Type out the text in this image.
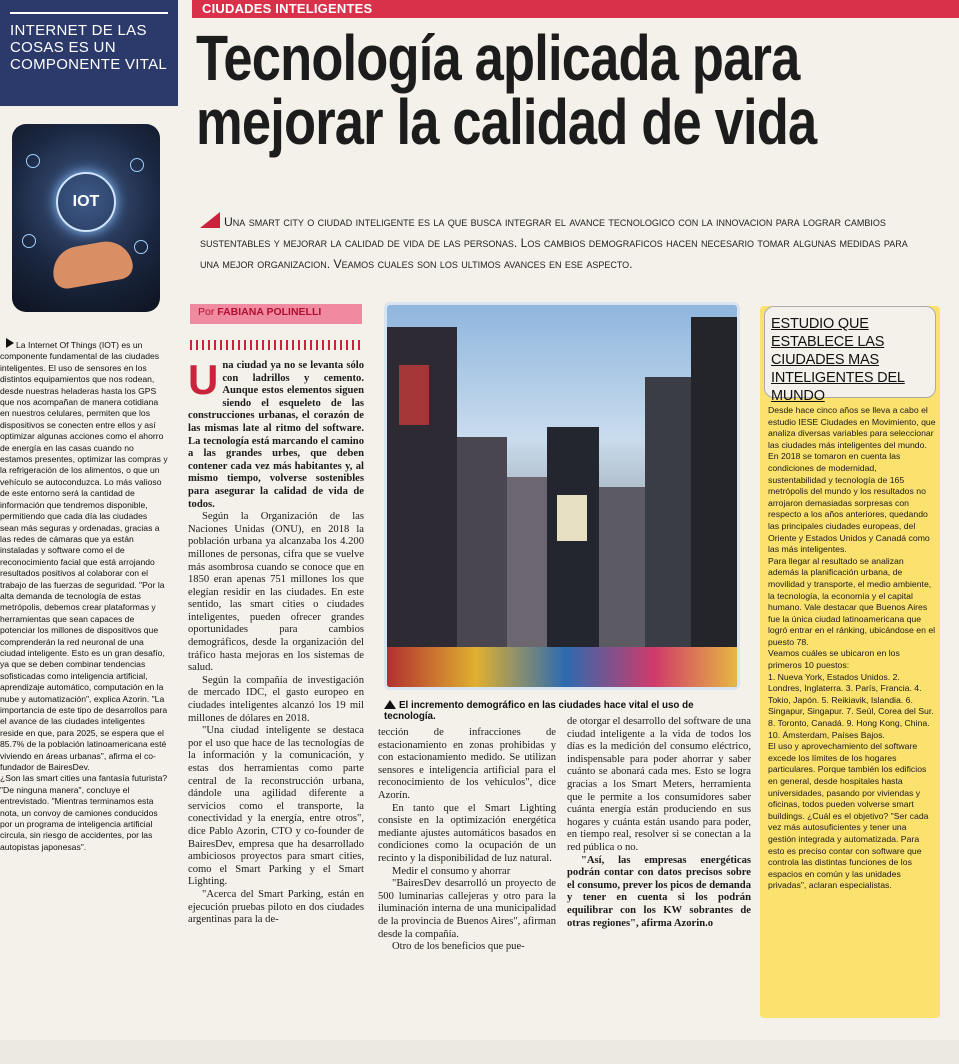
INTERNET DE LAS COSAS ES UN COMPONENTE VITAL
IOT

La Internet Of Things (IOT) es un componente fundamental de las ciudades inteligentes. El uso de sensores en los distintos equipamientos que nos rodean, desde nuestras heladeras hasta los GPS que nos acompañan de manera cotidiana en nuestros celulares, permiten que los dispositivos se conecten entre ellos y así optimizar algunas acciones como el ahorro de energía en las casas cuando no estamos presentes, optimizar las compras y la refrigeración de los alimentos, o que un vehículo se autoconduzca. Lo más valioso de este entorno será la cantidad de información que tendremos disponible, permitiendo que cada día las ciudades sean más seguras y ordenadas, gracias a las redes de cámaras que ya están instaladas y software como el de reconocimiento facial que está arrojando resultados positivos al colaborar con el trabajo de las fuerzas de seguridad. "Por la alta demanda de tecnología de estas metrópolis, debemos crear plataformas y herramientas que sean capaces de potenciar los millones de dispositivos que comprenderán la red neuronal de una ciudad inteligente. Esto es un gran desafío, ya que se deben combinar tendencias sofisticadas como inteligencia artificial, aprendizaje automático, computación en la nube y automatización", explica Azorin. "La importancia de este tipo de desarrollos para el avance de las ciudades inteligentes reside en que, para 2025, se espera que el 85.7% de la población latinoamericana esté viviendo en áreas urbanas", afirma el co-fundador de BairesDev.

¿Son las smart cities una fantasía futurista? "De ninguna manera", concluye el entrevistado. "Mientras terminamos esta nota, un convoy de camiones conducidos por un programa de inteligencia artificial circula, sin riesgo de accidentes, por las autopistas japonesas".

CIUDADES INTELIGENTES
Tecnología aplicada para
mejorar la calidad de vida
Una smart city o ciudad inteligente es la que busca integrar el avance tecnologico con la innovacion para lograr cambios sustentables y mejorar la calidad de vida de las personas. Los cambios demograficos hacen necesario tomar algunas medidas para una mejor organizacion. Veamos cuales son los ultimos avances en ese aspecto.
Por FABIANA POLINELLI

Una ciudad ya no se levanta sólo con ladrillos y cemento. Aunque estos elementos siguen siendo el esqueleto de las construcciones urbanas, el corazón de las mismas late al ritmo del software. La tecnología está marcando el camino a las grandes urbes, que deben contener cada vez más habitantes y, al mismo tiempo, volverse sostenibles para asegurar la calidad de vida de todos.

Según la Organización de las Naciones Unidas (ONU), en 2018 la población urbana ya alcanzaba los 4.200 millones de personas, cifra que se vuelve más asombrosa cuando se conoce que en 1850 eran apenas 751 millones los que elegían residir en las ciudades. En este sentido, las smart cities o ciudades inteligentes, pueden ofrecer grandes oportunidades para cambios demográficos, desde la organización del tráfico hasta mejoras en los sistemas de salud.

Según la compañía de investigación de mercado IDC, el gasto europeo en ciudades inteligentes alcanzó los 19 mil millones de dólares en 2018.

"Una ciudad inteligente se destaca por el uso que hace de las tecnologías de la información y la comunicación, y estas dos herramientas como parte central de la reconstrucción urbana, dándole una agilidad diferente a servicios como el transporte, la conectividad y la energía, entre otros", dice Pablo Azorin, CTO y co-founder de BairesDev, empresa que ha desarrollado ambiciosos proyectos para smart cities, como el Smart Parking y el Smart Lighting.

"Acerca del Smart Parking, están en ejecución pruebas piloto en dos ciudades argentinas para la de-

El incremento demográfico en las ciudades hace vital el uso de tecnología.

tección de infracciones de estacionamiento en zonas prohibidas y con estacionamiento medido. Se utilizan sensores e inteligencia artificial para el reconocimiento de los vehículos", dice Azorín.

En tanto que el Smart Lighting consiste en la optimización energética mediante ajustes automáticos basados en condiciones como la ocupación de un recinto y la disponibilidad de luz natural.

Medir el consumo y ahorrar

"BairesDev desarrolló un proyecto de 500 luminarias callejeras y otro para la iluminación interna de una municipalidad de la provincia de Buenos Aires", afirman desde la compañía.

Otro de los beneficios que pue-

de otorgar el desarrollo del software de una ciudad inteligente a la vida de todos los días es la medición del consumo eléctrico, indispensable para poder ahorrar y saber cuánto se abonará cada mes. Esto se logra gracias a los Smart Meters, herramienta que le permite a los consumidores saber cuánta energía están produciendo en sus hogares y cuánta están usando para poder, en tiempo real, resolver si se conectan a la red pública o no.

"Así, las empresas energéticas podrán contar con datos precisos sobre el consumo, prever los picos de demanda y tener en cuenta si los podrán equilibrar con los KW sobrantes de otras regiones", afirma Azorin.o

ESTUDIO QUE ESTABLECE LAS CIUDADES MAS INTELIGENTES DEL MUNDO

Desde hace cinco años se lleva a cabo el estudio IESE Ciudades en Movimiento, que analiza diversas variables para seleccionar las ciudades más inteligentes del mundo. En 2018 se tomaron en cuenta las condiciones de modernidad, sustentabilidad y tecnología de 165 metrópolis del mundo y los resultados no arrojaron demasiadas sorpresas con respecto a los años anteriores, quedando las principales ciudades europeas, del Oriente y Estados Unidos y Canadá como las más inteligentes.

Para llegar al resultado se analizan además la planificación urbana, de movilidad y transporte, el medio ambiente, la tecnología, la economía y el capital humano. Vale destacar que Buenos Aires fue la única ciudad latinoamericana que logró entrar en el ránking, ubicándose en el puesto 78.

Veamos cuáles se ubicaron en los primeros 10 puestos:

1. Nueva York, Estados Unidos. 2. Londres, Inglaterra. 3. París, Francia. 4. Tokio, Japón. 5. Reikiavik, Islandia. 6. Singapur, Singapur. 7. Seúl, Corea del Sur. 8. Toronto, Canadá. 9. Hong Kong, China. 10. Ámsterdam, Países Bajos.

El uso y aprovechamiento del software excede los límites de los hogares particulares. Porque también los edificios en general, desde hospitales hasta universidades, pasando por viviendas y oficinas, todos pueden volverse smart buildings. ¿Cuál es el objetivo? "Ser cada vez más autosuficientes y tener una gestión integrada y automatizada. Para esto es preciso contar con software que controla las distintas funciones de los espacios en común y las unidades privadas", aclaran especialistas.
